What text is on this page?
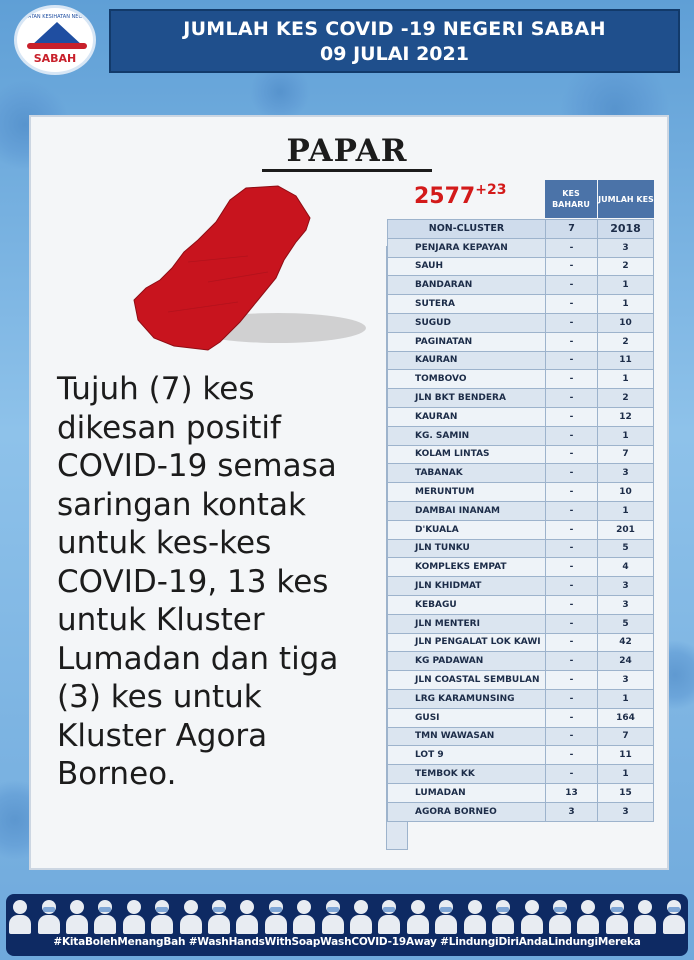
JABATAN KESIHATAN NEGERI
SABAH
JUMLAH KES COVID -19 NEGERI SABAH
09 JULAI 2021
PAPAR
$2577^{+23}$
Tujuh (7) kes dikesan positif COVID-19 semasa saringan kontak untuk kes-kes COVID-19, 13 kes untuk Kluster Lumadan dan tiga (3) kes untuk Kluster Agora Borneo.
KES BAHARU
JUMLAH KES
NON-CLUSTER	7	2018
PENJARA KEPAYAN	-	3
SAUH	-	2
BANDARAN	-	1
SUTERA	-	1
SUGUD	-	10
PAGINATAN	-	2
KAURAN	-	11
TOMBOVO	-	1
JLN BKT BENDERA	-	2
KAURAN	-	12
KG. SAMIN	-	1
KOLAM LINTAS	-	7
TABANAK	-	3
MERUNTUM	-	10
DAMBAI INANAM	-	1
D'KUALA	-	201
JLN TUNKU	-	5
KOMPLEKS EMPAT	-	4
JLN KHIDMAT	-	3
KEBAGU	-	3
JLN MENTERI	-	5
JLN PENGALAT LOK KAWI	-	42
KG PADAWAN	-	24
JLN COASTAL SEMBULAN	-	3
LRG KARAMUNSING	-	1
GUSI	-	164
TMN WAWASAN	-	7
LOT 9	-	11
TEMBOK KK	-	1
LUMADAN	13	15
AGORA BORNEO	3	3
#KitaBolehMenangBah #WashHandsWithSoapWashCOVID-19Away #LindungiDiriAndaLindungiMereka
